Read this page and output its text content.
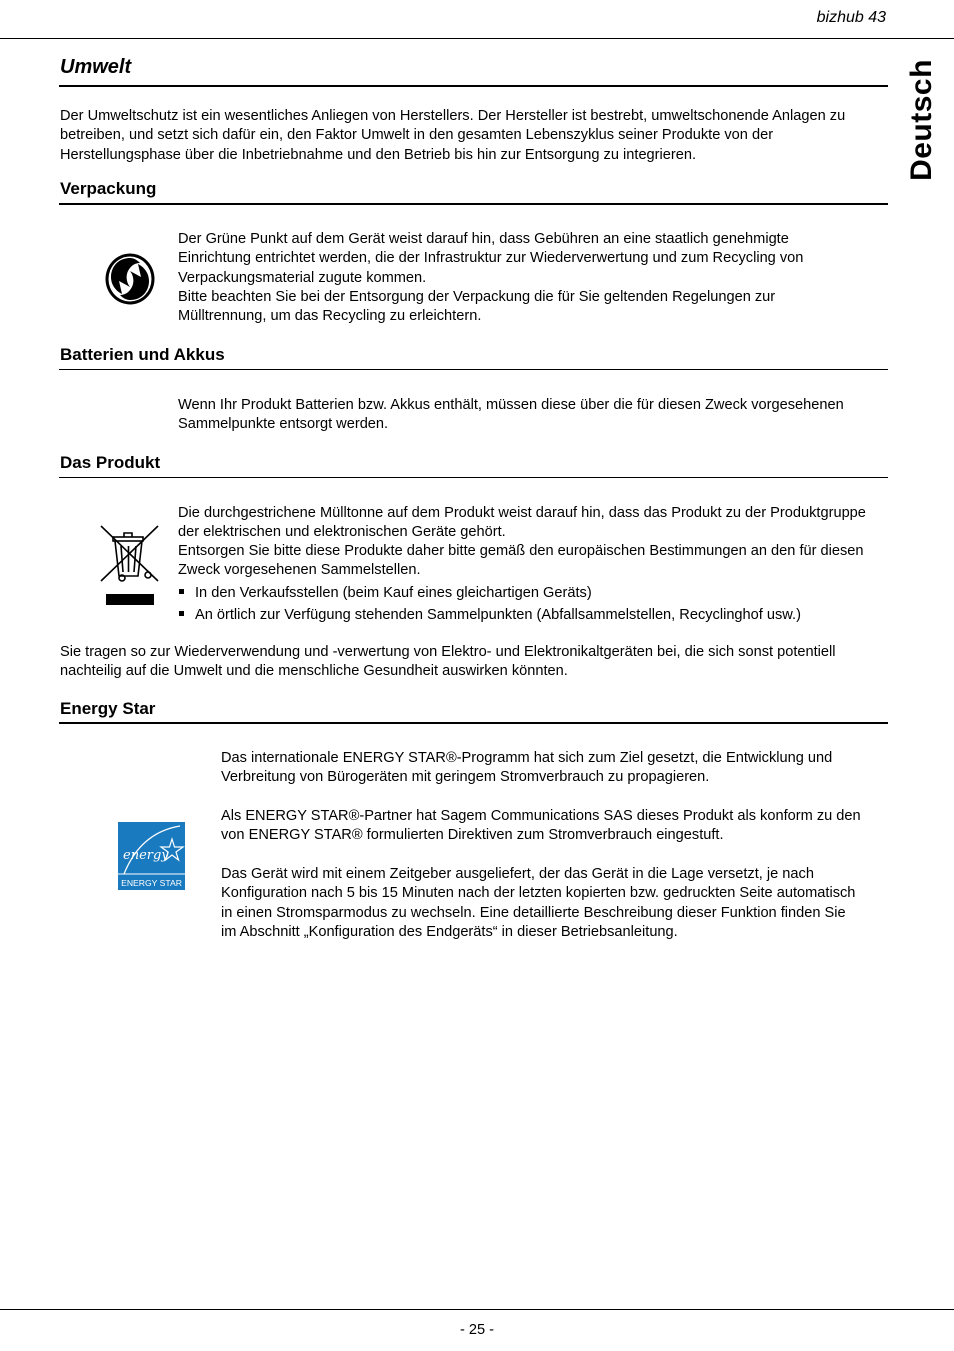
bizhub 43
Deutsch
Umwelt
Der Umweltschutz ist ein wesentliches Anliegen von Herstellers. Der Hersteller ist bestrebt, umweltschonende Anlagen zu betreiben, und setzt sich dafür ein, den Faktor Umwelt in den gesamten Lebenszyklus seiner Produkte von der Herstellungsphase über die Inbetriebnahme und den Betrieb bis hin zur Entsorgung zu integrieren.
Verpackung
Der Grüne Punkt auf dem Gerät weist darauf hin, dass Gebühren an eine staatlich genehmigte Einrichtung entrichtet werden, die der Infrastruktur zur Wiederverwertung und zum Recycling von Verpackungsmaterial zugute kommen.
Bitte beachten Sie bei der Entsorgung der Verpackung die für Sie geltenden Regelungen zur Mülltrennung, um das Recycling zu erleichtern.
Batterien und Akkus
Wenn Ihr Produkt Batterien bzw. Akkus enthält, müssen diese über die für diesen Zweck vorgesehenen Sammelpunkte entsorgt werden.
Das Produkt
Die durchgestrichene Mülltonne auf dem Produkt weist darauf hin, dass das Produkt zu der Produktgruppe der elektrischen und elektronischen Geräte gehört.
Entsorgen Sie bitte diese Produkte daher bitte gemäß den europäischen Bestimmungen an den für diesen Zweck vorgesehenen Sammelstellen.
In den Verkaufsstellen (beim Kauf eines gleichartigen Geräts)
An örtlich zur Verfügung stehenden Sammelpunkten (Abfallsammelstellen, Recyclinghof usw.)
Sie tragen so zur Wiederverwendung und -verwertung von Elektro- und Elektronikaltgeräten bei, die sich sonst potentiell nachteilig auf die Umwelt und die menschliche Gesundheit auswirken könnten.
Energy Star
energy
ENERGY STAR
Das internationale ENERGY STAR®-Programm hat sich zum Ziel gesetzt, die Entwicklung und Verbreitung von Bürogeräten mit geringem Stromverbrauch zu propagieren.
Als ENERGY STAR®-Partner hat Sagem Communications SAS dieses Produkt als konform zu den von ENERGY STAR® formulierten Direktiven zum Stromverbrauch eingestuft.
Das Gerät wird mit einem Zeitgeber ausgeliefert, der das Gerät in die Lage versetzt, je nach Konfiguration nach 5 bis 15 Minuten nach der letzten kopierten bzw. gedruckten Seite automatisch in einen Stromsparmodus zu wechseln. Eine detaillierte Beschreibung dieser Funktion finden Sie im Abschnitt „Konfiguration des Endgeräts“ in dieser Betriebsanleitung.
- 25 -
